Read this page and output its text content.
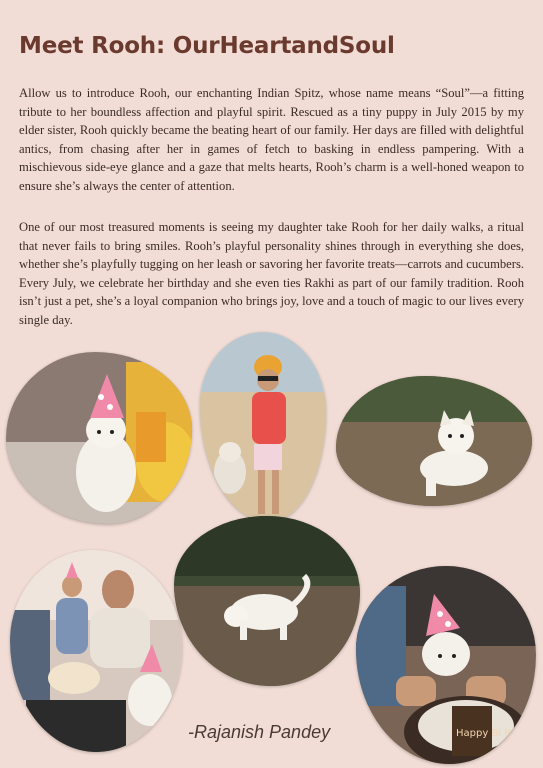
Meet Rooh: OurHeartandSoul

Allow us to introduce Rooh, our enchanting Indian Spitz, whose name means “Soul”—a fitting tribute to her boundless affection and playful spirit. Rescued as a tiny puppy in July 2015 by my elder sister, Rooh quickly became the beating heart of our family. Her days are filled with delightful antics, from chasing after her in games of fetch to basking in endless pampering. With a mischievous side-eye glance and a gaze that melts hearts, Rooh’s charm is a well-honed weapon to ensure she’s always the center of attention.

One of our most treasured moments is seeing my daughter take Rooh for her daily walks, a ritual that never fails to bring smiles. Rooh’s playful personality shines through in everything she does, whether she’s playfully tugging on her leash or savoring her favorite treats—carrots and cucumbers. Every July, we celebrate her birthday and she even ties Rakhi as part of our family tradition. Rooh isn’t just a pet, she’s a loyal companion who brings joy, love and a touch of magic to our lives every single day.

Happy Bi Rooh
-Rajanish Pandey
